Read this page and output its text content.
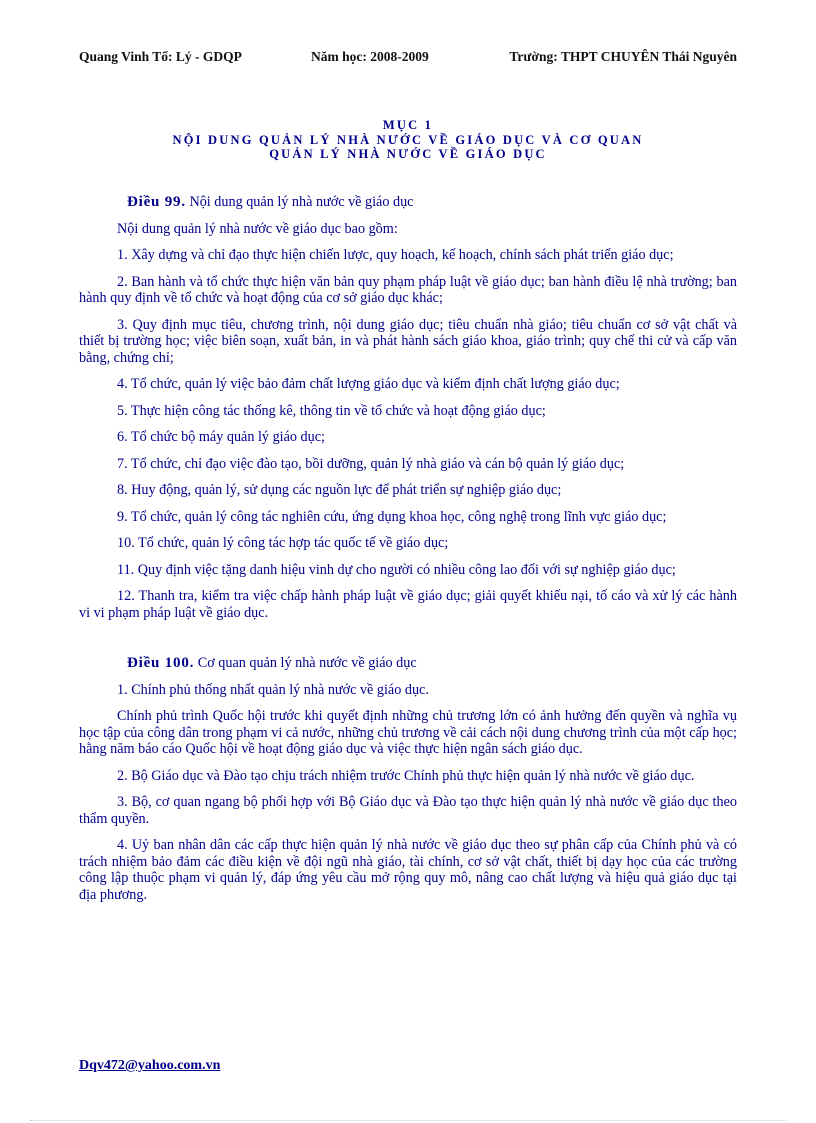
Quang Vinh Tổ: Lý - GDQP	Năm học: 2008-2009	Trường: THPT CHUYÊN Thái Nguyên
MỤC 1
NỘI DUNG QUẢN LÝ NHÀ NƯỚC VỀ GIÁO DỤC VÀ CƠ QUAN
QUẢN LÝ NHÀ NƯỚC VỀ GIÁO DỤC
Điều 99. Nội dung quản lý nhà nước về giáo dục

Nội dung quản lý nhà nước về giáo dục bao gồm:

1. Xây dựng và chỉ đạo thực hiện chiến lược, quy hoạch, kế hoạch, chính sách phát triển giáo dục;

2. Ban hành và tổ chức thực hiện văn bản quy phạm pháp luật về giáo dục; ban hành điều lệ nhà trường; ban hành quy định về tổ chức và hoạt động của cơ sở giáo dục khác;

3. Quy định mục tiêu, chương trình, nội dung giáo dục; tiêu chuẩn nhà giáo; tiêu chuẩn cơ sở vật chất và thiết bị trường học; việc biên soạn, xuất bản, in và phát hành sách giáo khoa, giáo trình; quy chế thi cử và cấp văn bằng, chứng chỉ;

4. Tổ chức, quản lý việc bảo đảm chất lượng giáo dục và kiểm định chất lượng giáo dục;

5. Thực hiện công tác thống kê, thông tin về tổ chức và hoạt động giáo dục;

6. Tổ chức bộ máy quản lý giáo dục;

7. Tổ chức, chỉ đạo việc đào tạo, bồi dưỡng, quản lý nhà giáo và cán bộ quản lý giáo dục;

8. Huy động, quản lý, sử dụng các nguồn lực để phát triển sự nghiệp giáo dục;

9. Tổ chức, quản lý công tác nghiên cứu, ứng dụng khoa học, công nghệ trong lĩnh vực giáo dục;

10. Tổ chức, quản lý công tác hợp tác quốc tế về giáo dục;

11. Quy định việc tặng danh hiệu vinh dự cho người có nhiều công lao đối với sự nghiệp giáo dục;

12. Thanh tra, kiểm tra việc chấp hành pháp luật về giáo dục; giải quyết khiếu nại, tố cáo và xử lý các hành vi vi phạm pháp luật về giáo dục.

Điều 100. Cơ quan quản lý nhà nước về giáo dục

1. Chính phủ thống nhất quản lý nhà nước về giáo dục.

Chính phủ trình Quốc hội trước khi quyết định những chủ trương lớn có ảnh hưởng đến quyền và nghĩa vụ học tập của công dân trong phạm vi cả nước, những chủ trương về cải cách nội dung chương trình của một cấp học; hằng năm báo cáo Quốc hội về hoạt động giáo dục và việc thực hiện ngân sách giáo dục.

2. Bộ Giáo dục và Đào tạo chịu trách nhiệm trước Chính phủ thực hiện quản lý nhà nước về giáo dục.

3. Bộ, cơ quan ngang bộ phối hợp với Bộ Giáo dục và Đào tạo thực hiện quản lý nhà nước về giáo dục theo thẩm quyền.

4. Uỷ ban nhân dân các cấp thực hiện quản lý nhà nước về giáo dục theo sự phân cấp của Chính phủ và có trách nhiệm bảo đảm các điều kiện về đội ngũ nhà giáo, tài chính, cơ sở vật chất, thiết bị dạy học của các trường công lập thuộc phạm vi quản lý, đáp ứng yêu cầu mở rộng quy mô, nâng cao chất lượng và hiệu quả giáo dục tại địa phương.

Dqv472@yahoo.com.vn
